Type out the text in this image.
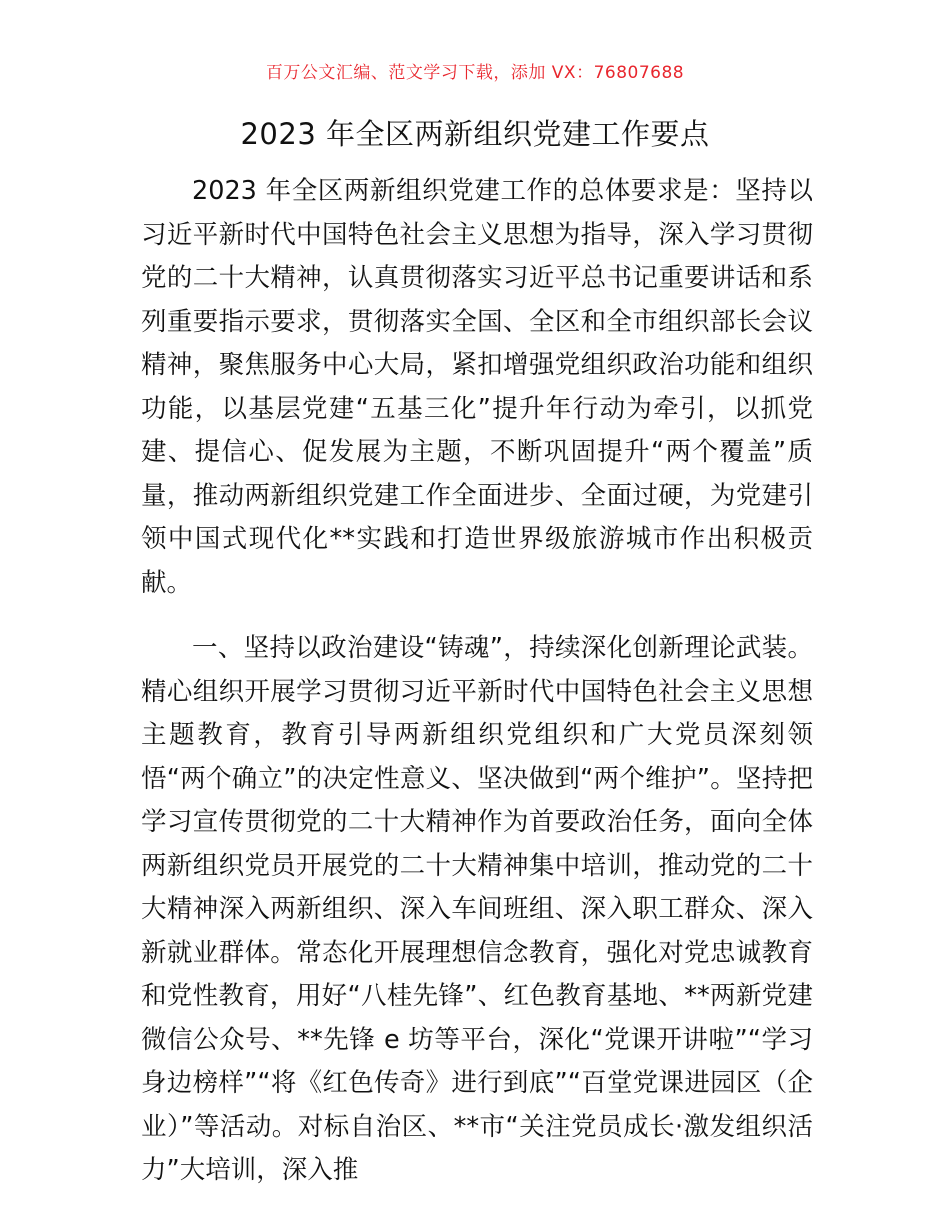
百万公文汇编、范文学习下载，添加 VX：76807688
2023 年全区两新组织党建工作要点

2023 年全区两新组织党建工作的总体要求是：坚持以习近平新时代中国特色社会主义思想为指导，深入学习贯彻党的二十大精神，认真贯彻落实习近平总书记重要讲话和系列重要指示要求，贯彻落实全国、全区和全市组织部长会议精神，聚焦服务中心大局，紧扣增强党组织政治功能和组织功能，以基层党建“五基三化”提升年行动为牵引，以抓党建、提信心、促发展为主题，不断巩固提升“两个覆盖”质量，推动两新组织党建工作全面进步、全面过硬，为党建引领中国式现代化**实践和打造世界级旅游城市作出积极贡献。

一、坚持以政治建设“铸魂”，持续深化创新理论武装。精心组织开展学习贯彻习近平新时代中国特色社会主义思想主题教育，教育引导两新组织党组织和广大党员深刻领悟“两个确立”的决定性意义、坚决做到“两个维护”。坚持把学习宣传贯彻党的二十大精神作为首要政治任务，面向全体两新组织党员开展党的二十大精神集中培训，推动党的二十大精神深入两新组织、深入车间班组、深入职工群众、深入新就业群体。常态化开展理想信念教育，强化对党忠诚教育和党性教育，用好“八桂先锋”、红色教育基地、**两新党建微信公众号、**先锋 e 坊等平台，深化“党课开讲啦”“学习身边榜样”“将《红色传奇》进行到底”“百堂党课进园区（企业）”等活动。对标自治区、**市“关注党员成长·激发组织活力”大培训，深入推
